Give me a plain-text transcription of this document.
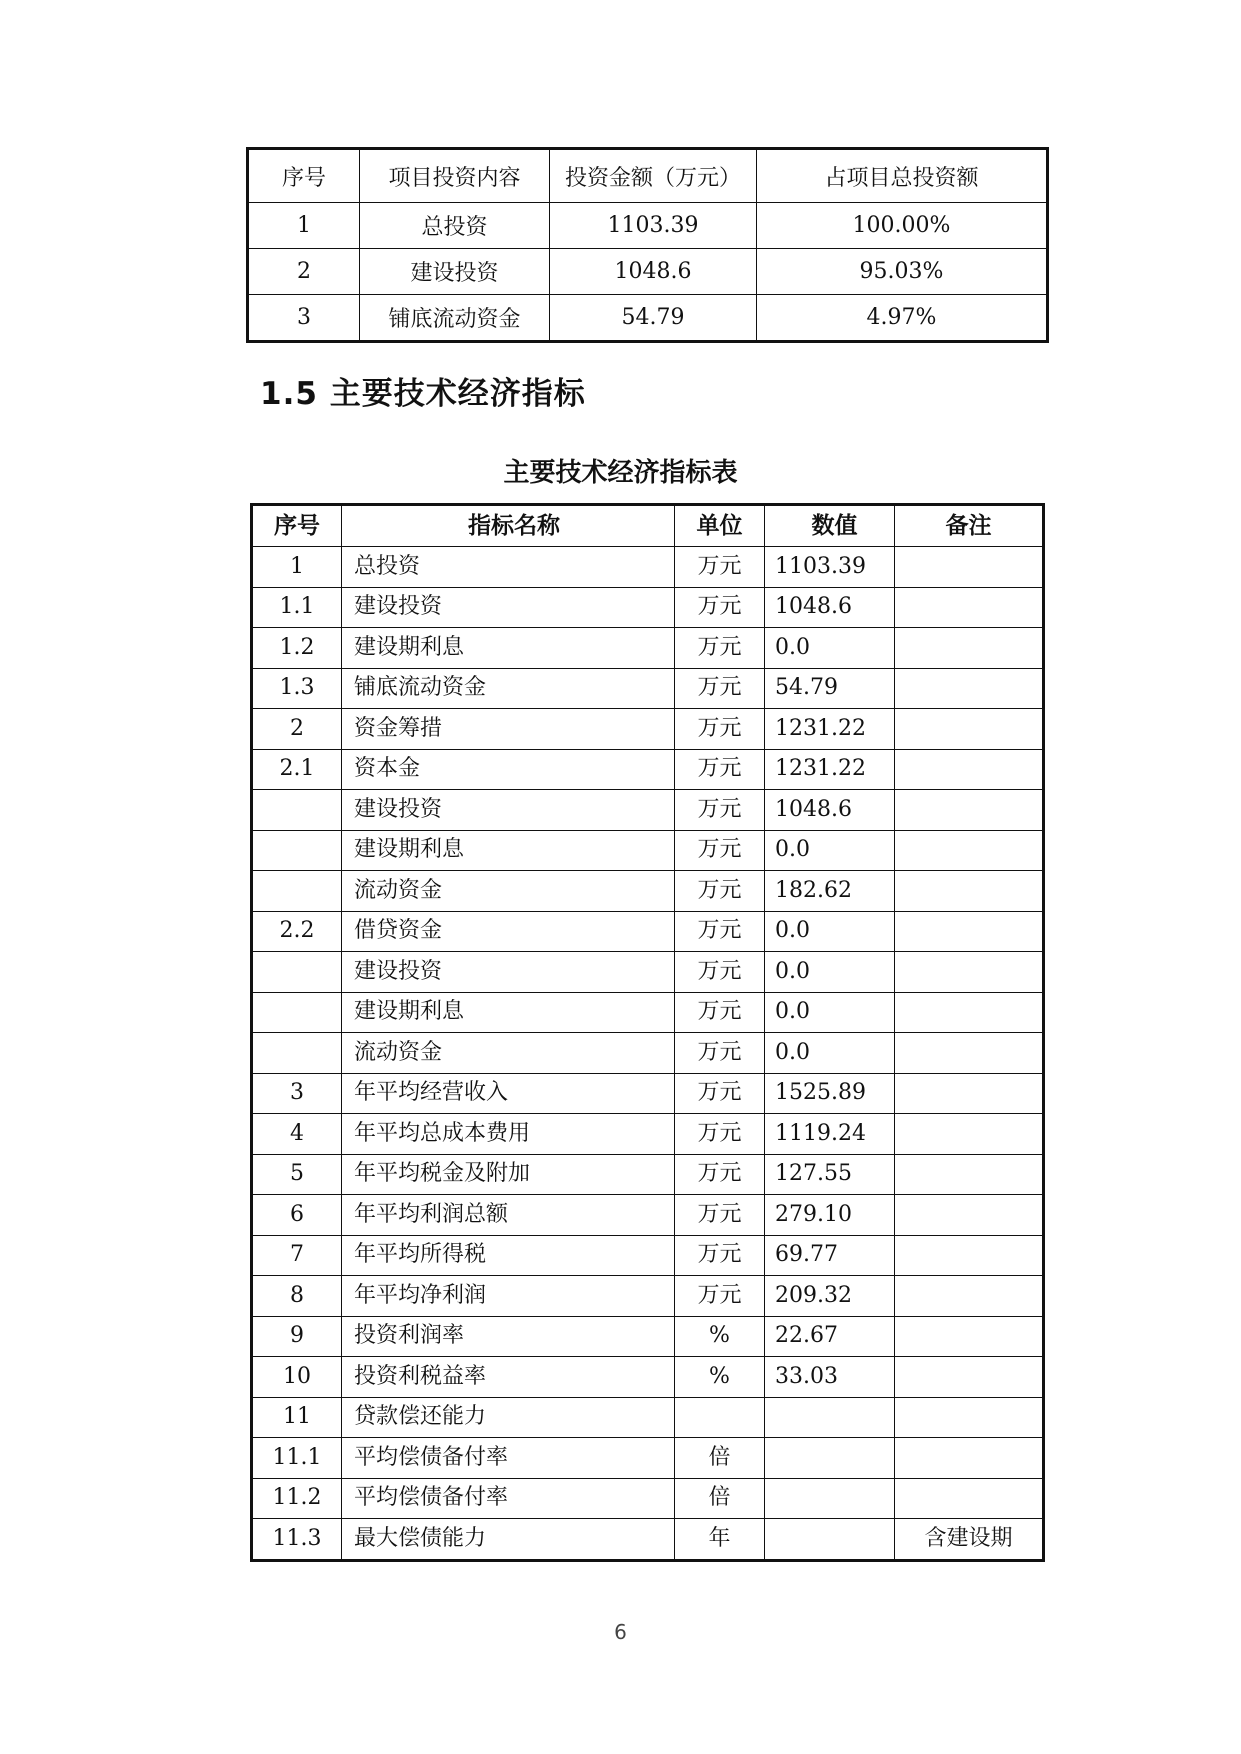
序号	项目投资内容	投资金额（万元）	占项目总投资额
1	总投资	1103.39	100.00%
2	建设投资	1048.6	95.03%
3	铺底流动资金	54.79	4.97%
1.5 主要技术经济指标
主要技术经济指标表
序号	指标名称	单位	数值	备注
1	总投资	万元	1103.39	
1.1	建设投资	万元	1048.6	
1.2	建设期利息	万元	0.0	
1.3	铺底流动资金	万元	54.79	
2	资金筹措	万元	1231.22	
2.1	资本金	万元	1231.22	
	建设投资	万元	1048.6	
	建设期利息	万元	0.0	
	流动资金	万元	182.62	
2.2	借贷资金	万元	0.0	
	建设投资	万元	0.0	
	建设期利息	万元	0.0	
	流动资金	万元	0.0	
3	年平均经营收入	万元	1525.89	
4	年平均总成本费用	万元	1119.24	
5	年平均税金及附加	万元	127.55	
6	年平均利润总额	万元	279.10	
7	年平均所得税	万元	69.77	
8	年平均净利润	万元	209.32	
9	投资利润率	%	22.67	
10	投资利税益率	%	33.03	
11	贷款偿还能力			
11.1	平均偿债备付率	倍		
11.2	平均偿债备付率	倍		
11.3	最大偿债能力	年		含建设期
6
